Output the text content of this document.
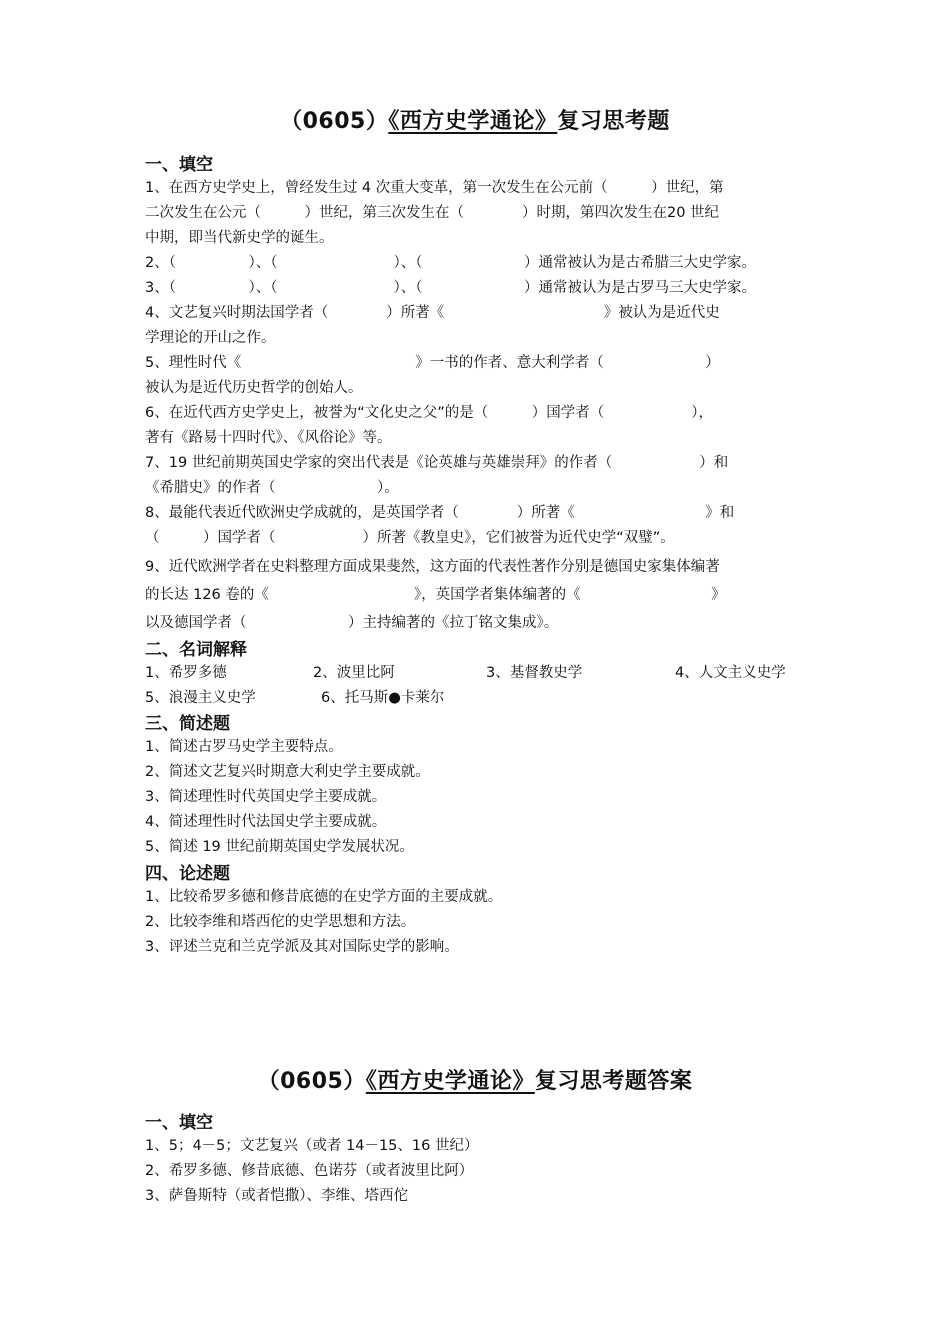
（0605）《西方史学通论》复习思考题
一、填空
1、在西方史学史上，曾经发生过 4 次重大变革，第一次发生在公元前（　　　）世纪，第
二次发生在公元（　　　）世纪，第三次发生在（　　　　）时期，第四次发生在20 世纪
中期，即当代新史学的诞生。
2、（　　　　　）、（　　　　　　　　）、（　　　　　　　）通常被认为是古希腊三大史学家。
3、（　　　　　）、（　　　　　　　　）、（　　　　　　　）通常被认为是古罗马三大史学家。
4、文艺复兴时期法国学者（　　　　）所著《　　　　　　　　　　　》被认为是近代史
学理论的开山之作。
5、理性时代《　　　　　　　　　　　　》一书的作者、意大利学者（　　　　　　　）
被认为是近代历史哲学的创始人。
6、在近代西方史学史上，被誉为“文化史之父”的是（　　　）国学者（　　　　　　），
著有《路易十四时代》、《风俗论》等。
7、19 世纪前期英国史学家的突出代表是《论英雄与英雄崇拜》的作者（　　　　　　）和
《希腊史》的作者（　　　　　　　）。
8、最能代表近代欧洲史学成就的，是英国学者（　　　　）所著《　　　　　　　　　》和
（　　　）国学者（　　　　　　）所著《教皇史》，它们被誉为近代史学“双璧”。
9、近代欧洲学者在史料整理方面成果斐然，这方面的代表性著作分别是德国史家集体编著
的长达 126 卷的《　　　　　　　　　　》，英国学者集体编著的《　　　　　　　　　》
以及德国学者（　　　　　　　）主持编著的《拉丁铭文集成》。
二、名词解释
1、希罗多德	2、波里比阿	3、基督教史学	4、人文主义史学
5、浪漫主义史学	6、托马斯●卡莱尔
三、简述题
1、简述古罗马史学主要特点。
2、简述文艺复兴时期意大利史学主要成就。
3、简述理性时代英国史学主要成就。
4、简述理性时代法国史学主要成就。
5、简述 19 世纪前期英国史学发展状况。
四、论述题
1、比较希罗多德和修昔底德的在史学方面的主要成就。
2、比较李维和塔西佗的史学思想和方法。
3、评述兰克和兰克学派及其对国际史学的影响。
（0605）《西方史学通论》复习思考题答案
一、填空
1、5；4－5；文艺复兴（或者 14－15、16 世纪）
2、希罗多德、修昔底德、色诺芬（或者波里比阿）
3、萨鲁斯特（或者恺撒）、李维、塔西佗
